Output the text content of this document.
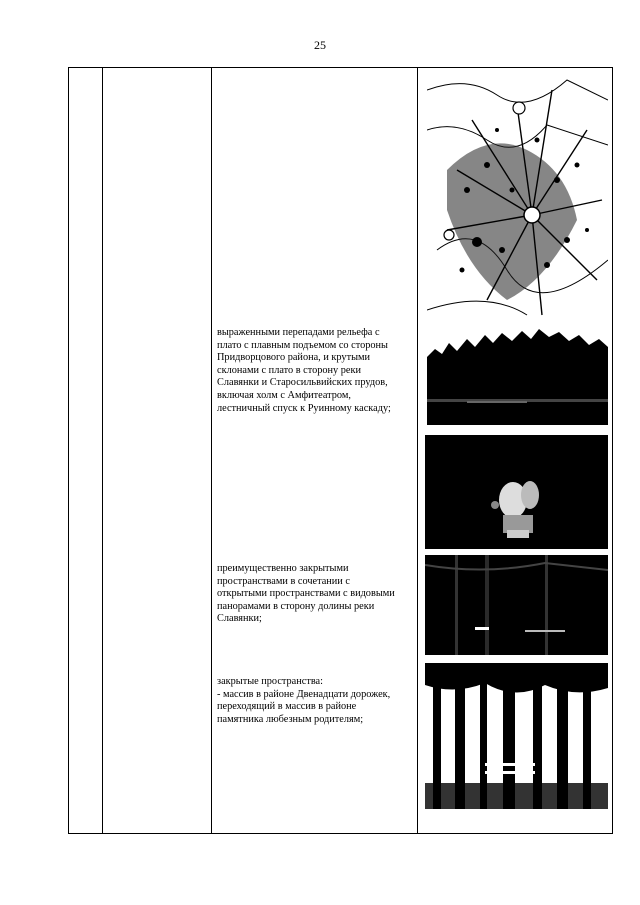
25
выраженными перепадами рельефа с
плато с плавным подъемом со стороны
Придворцового района, и крутыми
склонами с плато в сторону реки
Славянки и Старосильвийских прудов,
включая холм с Амфитеатром,
лестничный спуск к Руинному каскаду;
преимущественно закрытыми
пространствами в сочетании с
открытыми пространствами с видовыми
панорамами в сторону долины реки
Славянки;
закрытые пространства:
- массив в районе Двенадцати дорожек,
переходящий в массив в районе
памятника любезным родителям;
